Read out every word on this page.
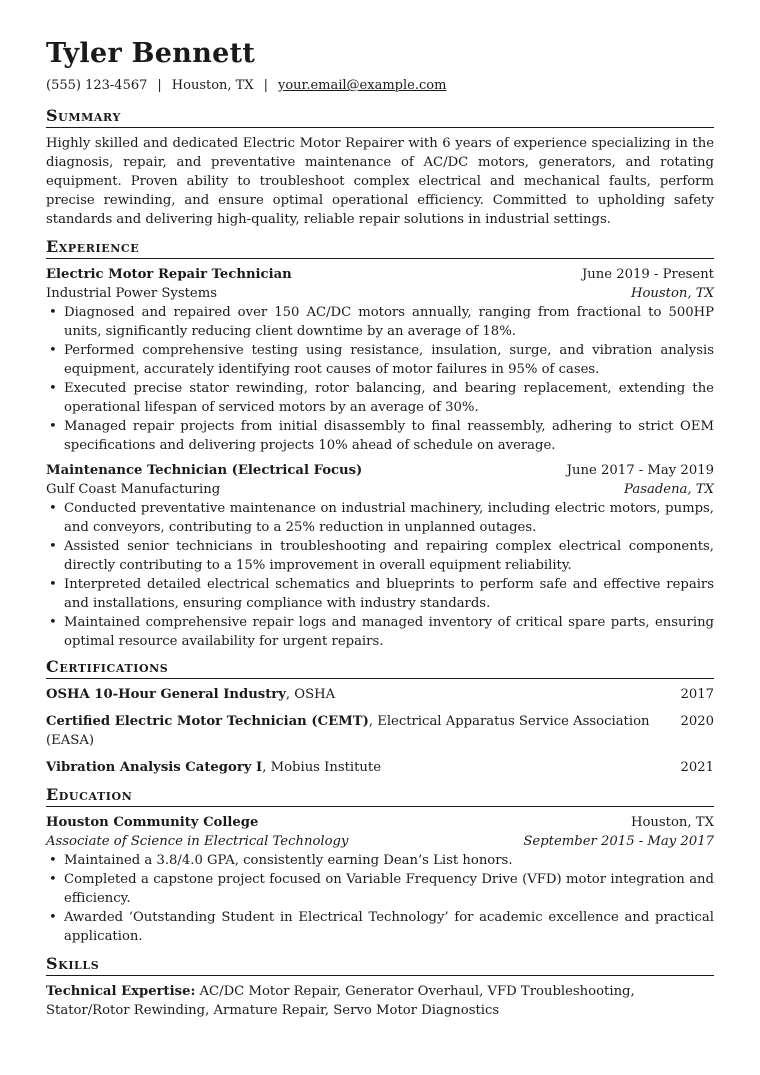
Tyler Bennett
(555) 123-4567 | Houston, TX | your.email@example.com
Summary

Highly skilled and dedicated Electric Motor Repairer with 6 years of experience specializing in the diagnosis, repair, and preventative maintenance of AC/DC motors, generators, and rotating equipment. Proven ability to troubleshoot complex electrical and mechanical faults, perform precise rewinding, and ensure optimal operational efficiency. Committed to upholding safety standards and delivering high-quality, reliable repair solutions in industrial settings.

Experience
Electric Motor Repair Technician	June 2019 - Present
Industrial Power Systems	Houston, TX
• Diagnosed and repaired over 150 AC/DC motors annually, ranging from fractional to 500HP units, significantly reducing client downtime by an average of 18%.
• Performed comprehensive testing using resistance, insulation, surge, and vibration analysis equipment, accurately identifying root causes of motor failures in 95% of cases.
• Executed precise stator rewinding, rotor balancing, and bearing replacement, extending the operational lifespan of serviced motors by an average of 30%.
• Managed repair projects from initial disassembly to final reassembly, adhering to strict OEM specifications and delivering projects 10% ahead of schedule on average.
Maintenance Technician (Electrical Focus)	June 2017 - May 2019
Gulf Coast Manufacturing	Pasadena, TX
• Conducted preventative maintenance on industrial machinery, including electric motors, pumps, and conveyors, contributing to a 25% reduction in unplanned outages.
• Assisted senior technicians in troubleshooting and repairing complex electrical components, directly contributing to a 15% improvement in overall equipment reliability.
• Interpreted detailed electrical schematics and blueprints to perform safe and effective repairs and installations, ensuring compliance with industry standards.
• Maintained comprehensive repair logs and managed inventory of critical spare parts, ensuring optimal resource availability for urgent repairs.
Certifications
OSHA 10-Hour General Industry, OSHA	2017
Certified Electric Motor Technician (CEMT), Electrical Apparatus Service Association (EASA)
2020
Vibration Analysis Category I, Mobius Institute	2021
Education
Houston Community College	Houston, TX
Associate of Science in Electrical Technology	September 2015 - May 2017
• Maintained a 3.8/4.0 GPA, consistently earning Dean’s List honors.
• Completed a capstone project focused on Variable Frequency Drive (VFD) motor integration and efficiency.
• Awarded ‘Outstanding Student in Electrical Technology’ for academic excellence and practical application.
Skills

Technical Expertise: AC/DC Motor Repair, Generator Overhaul, VFD Troubleshooting, Stator/Rotor Rewinding, Armature Repair, Servo Motor Diagnostics
